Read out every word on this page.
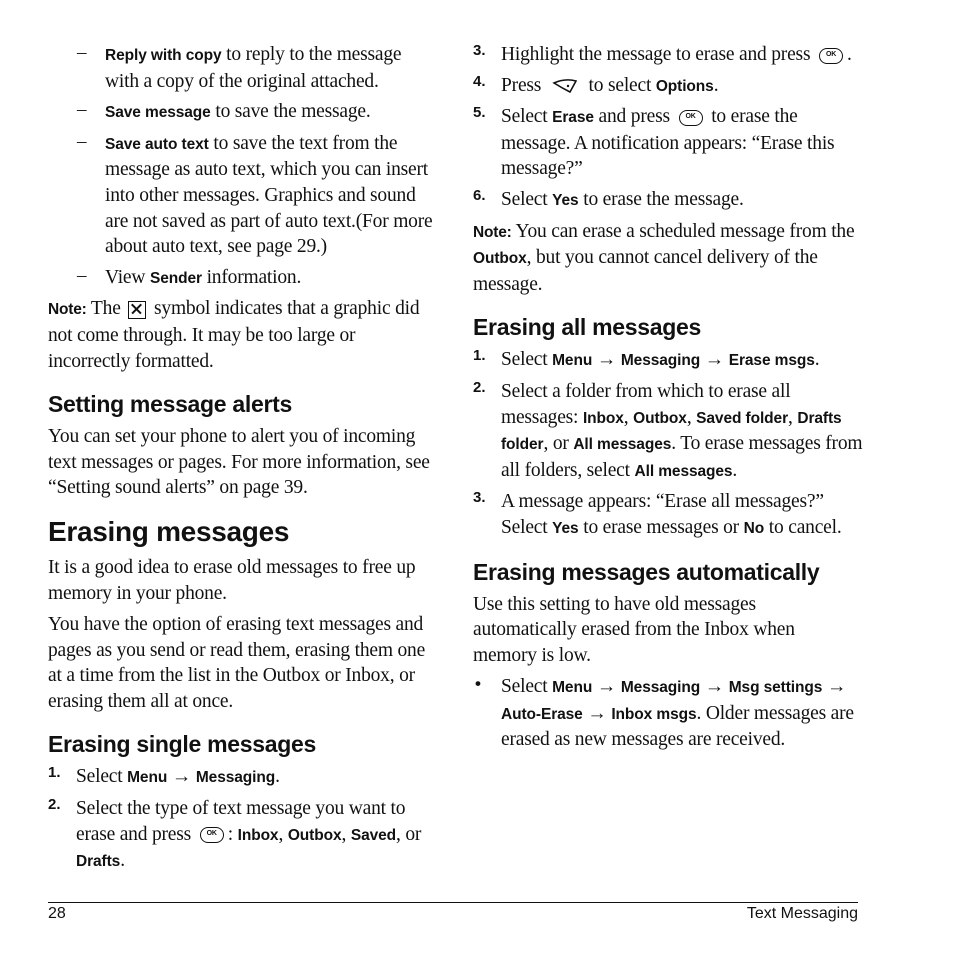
– Reply with copy to reply to the message with a copy of the original attached.

– Save message to save the message.

– Save auto text to save the text from the message as auto text, which you can insert into other messages. Graphics and sound are not saved as part of auto text.(For more about auto text, see page 29.)

– View Sender information.

Note: The  symbol indicates that a graphic did not come through. It may be too large or incorrectly formatted.

Setting message alerts

You can set your phone to alert you of incoming text messages or pages. For more information, see “Setting sound alerts” on page 39.

Erasing messages

It is a good idea to erase old messages to free up memory in your phone.

You have the option of erasing text messages and pages as you send or read them, erasing them one at a time from the list in the Outbox or Inbox, or erasing them all at once.

Erasing single messages
1. Select Menu → Messaging.

2. Select the type of text message you want to erase and press OK: Inbox, Outbox, Saved, or Drafts.

3. Highlight the message to erase and press OK.

4. Press  to select Options.

5. Select Erase and press OK to erase the message. A notification appears: “Erase this message?”

6. Select Yes to erase the message.

Note: You can erase a scheduled message from the Outbox, but you cannot cancel delivery of the message.

Erasing all messages
1. Select Menu → Messaging → Erase msgs.

2. Select a folder from which to erase all messages: Inbox, Outbox, Saved folder, Drafts folder, or All messages. To erase messages from all folders, select All messages.

3. A message appears: “Erase all messages?” Select Yes to erase messages or No to cancel.

Erasing messages automatically

Use this setting to have old messages automatically erased from the Inbox when memory is low.

• Select Menu → Messaging → Msg settings → Auto-Erase → Inbox msgs. Older messages are erased as new messages are received.

28	Text Messaging
